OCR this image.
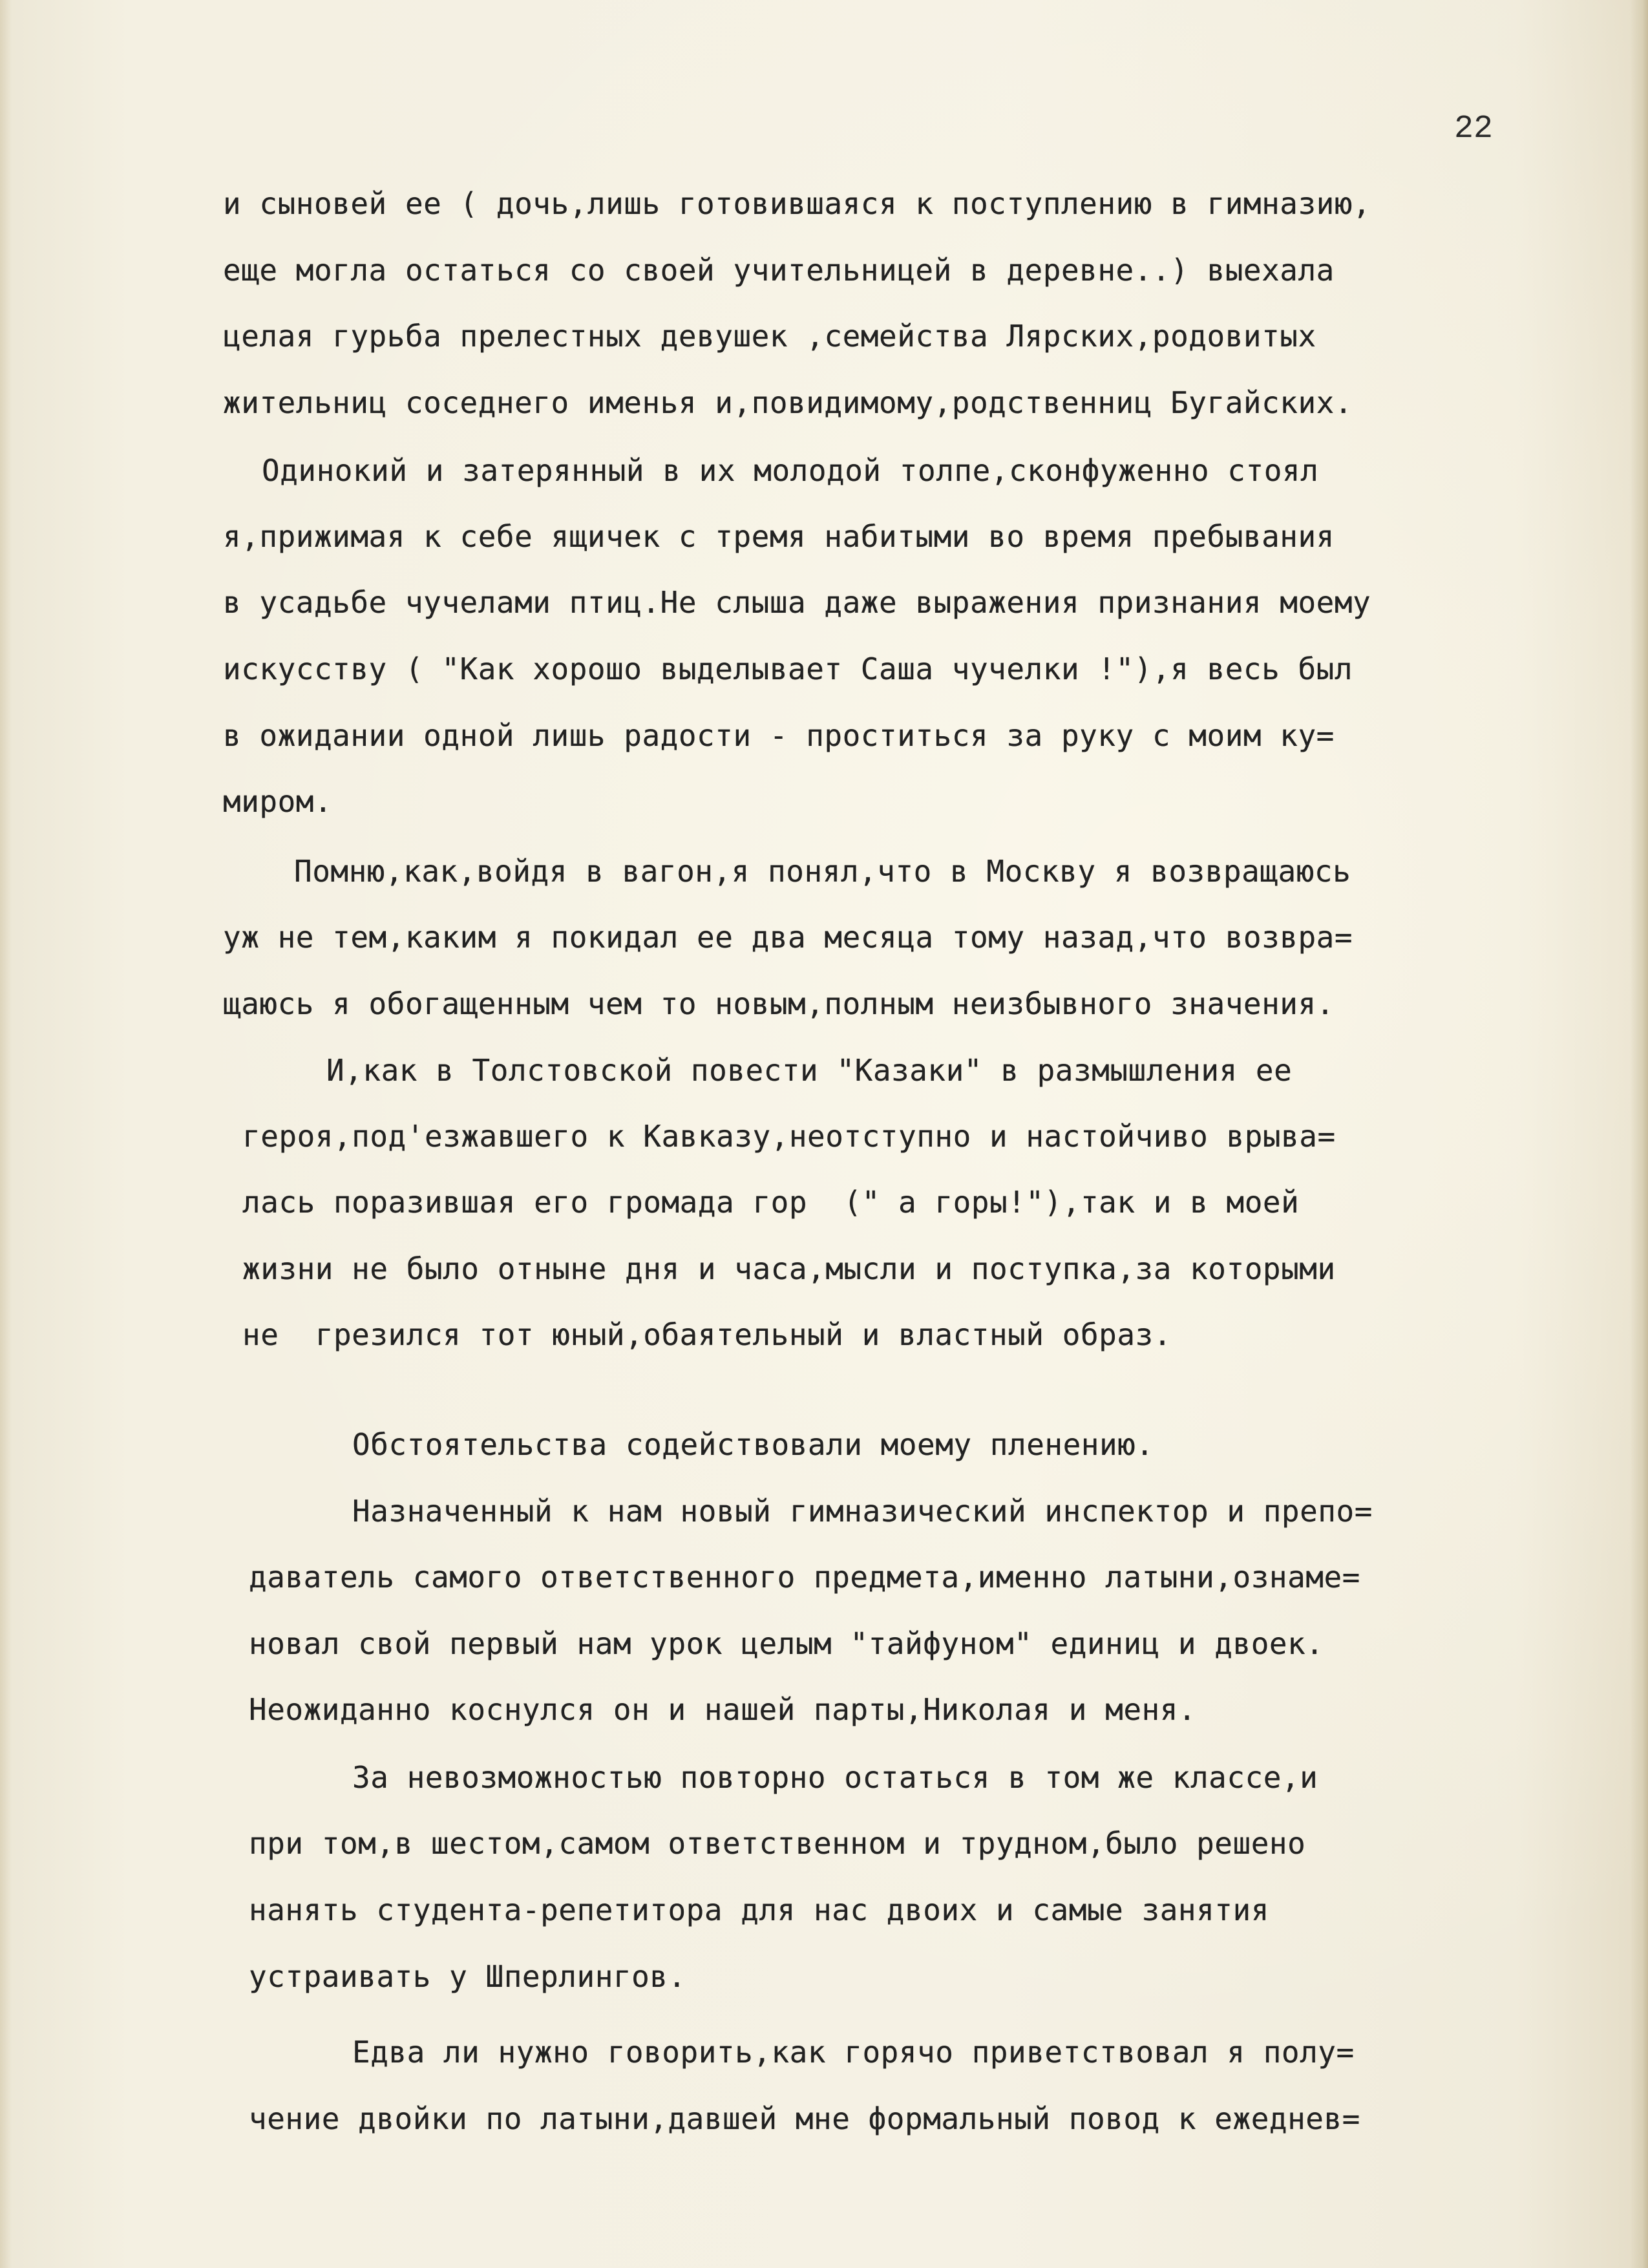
22
и сыновей ее ( дочь,лишь готовившаяся к поступлению в гимназию,
еще могла остаться со своей учительницей в деревне..) выехала
целая гурьба прелестных девушек ,семейства Лярских,родовитых
жительниц соседнего именья и,повидимому,родственниц Бугайских.
Одинокий и затерянный в их молодой толпе,сконфуженно стоял
я,прижимая к себе ящичек с тремя набитыми во время пребывания
в усадьбе чучелами птиц.Не слыша даже выражения признания моему
искусству ( "Как хорошо выделывает Саша чучелки !"),я весь был
в ожидании одной лишь радости - проститься за руку с моим ку=
миром.
Помню,как,войдя в вагон,я понял,что в Москву я возвращаюсь
уж не тем,каким я покидал ее два месяца тому назад,что возвра=
щаюсь я обогащенным чем то новым,полным неизбывного значения.
И,как в Толстовской повести "Казаки" в размышления ее
героя,под'езжавшего к Кавказу,неотступно и настойчиво врыва=
лась поразившая его громада гор  (" а горы!"),так и в моей
жизни не было отныне дня и часа,мысли и поступка,за которыми
не  грезился тот юный,обаятельный и властный образ.
Обстоятельства содействовали моему пленению.
Назначенный к нам новый гимназический инспектор и препо=
даватель самого ответственного предмета,именно латыни,ознаме=
новал свой первый нам урок целым "тайфуном" единиц и двоек.
Неожиданно коснулся он и нашей парты,Николая и меня.
За невозможностью повторно остаться в том же классе,и
при том,в шестом,самом ответственном и трудном,было решено
нанять студента-репетитора для нас двоих и самые занятия
устраивать у Шперлингов.
Едва ли нужно говорить,как горячо приветствовал я полу=
чение двойки по латыни,давшей мне формальный повод к ежеднев=
